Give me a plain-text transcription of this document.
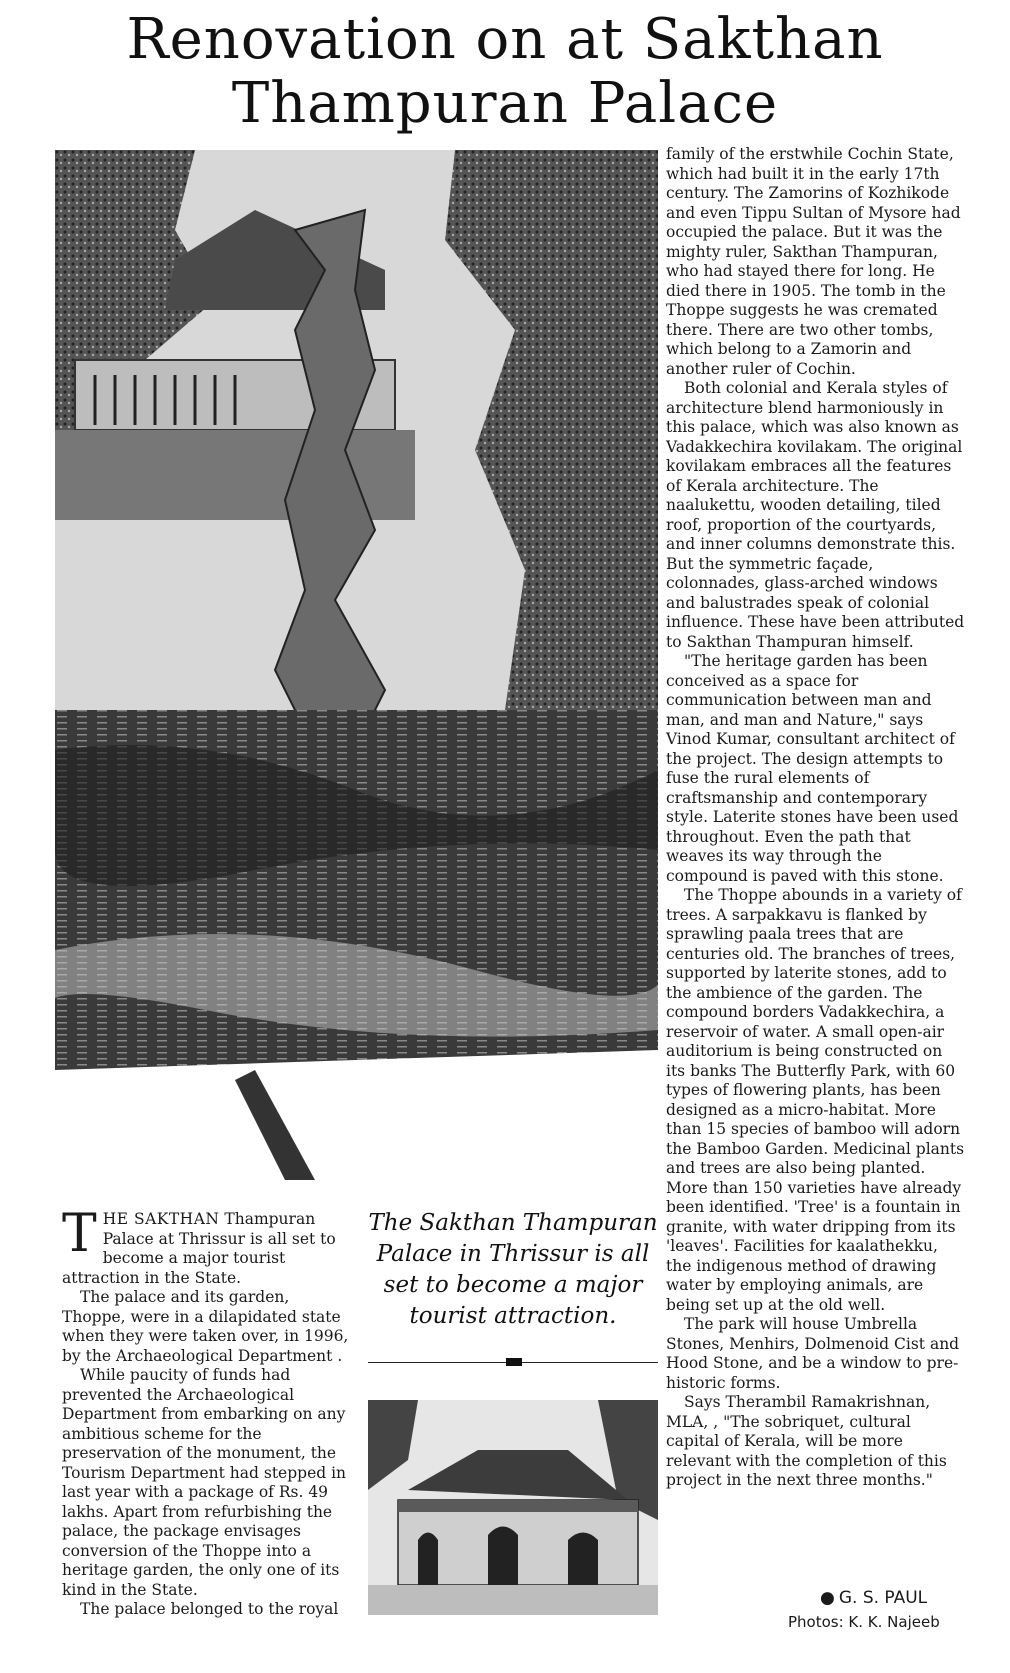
Renovation on at Sakthan
Thampuran Palace

family of the erstwhile Cochin State, which had built it in the early 17th century. The Zamorins of Kozhikode and even Tippu Sultan of Mysore had occupied the palace. But it was the mighty ruler, Sakthan Thampuran, who had stayed there for long. He died there in 1905. The tomb in the Thoppe suggests he was cremated there. There are two other tombs, which belong to a Zamorin and another ruler of Cochin.

Both colonial and Kerala styles of architecture blend harmoniously in this palace, which was also known as Vadakkechira kovilakam. The original kovilakam embraces all the features of Kerala architecture. The naalukettu, wooden detailing, tiled roof, proportion of the courtyards, and inner columns demonstrate this. But the symmetric façade, colonnades, glass-arched windows and balustrades speak of colonial influence. These have been attributed to Sakthan Thampuran himself.

"The heritage garden has been conceived as a space for communication between man and man, and man and Nature," says Vinod Kumar, consultant architect of the project. The design attempts to fuse the rural elements of craftsmanship and contemporary style. Laterite stones have been used throughout. Even the path that weaves its way through the compound is paved with this stone.

The Thoppe abounds in a variety of trees. A sarpakkavu is flanked by sprawling paala trees that are centuries old. The branches of trees, supported by laterite stones, add to the ambience of the garden. The compound borders Vadakkechira, a reservoir of water. A small open-air auditorium is being constructed on its banks The Butterfly Park, with 60 types of flowering plants, has been designed as a micro-habitat. More than 15 species of bamboo will adorn the Bamboo Garden. Medicinal plants and trees are also being planted. More than 150 varieties have already been identified. 'Tree' is a fountain in granite, with water dripping from its 'leaves'. Facilities for kaalathekku, the indigenous method of drawing water by employing animals, are being set up at the old well.

The park will house Umbrella Stones, Menhirs, Dolmenoid Cist and Hood Stone, and be a window to pre-historic forms.

Says Therambil Ramakrishnan, MLA, , "The sobriquet, cultural capital of Kerala, will be more relevant with the completion of this project in the next three months."

THE SAKTHAN Thampuran Palace at Thrissur is all set to become a major tourist attraction in the State.

The palace and its garden, Thoppe, were in a dilapidated state when they were taken over, in 1996, by the Archaeological Department .

While paucity of funds had prevented the Archaeological Department from embarking on any ambitious scheme for the preservation of the monument, the Tourism Department had stepped in last year with a package of Rs. 49 lakhs. Apart from refurbishing the palace, the package envisages conversion of the Thoppe into a heritage garden, the only one of its kind in the State.

The palace belonged to the royal

The Sakthan Thampuran Palace in Thrissur is all set to become a major tourist attraction.
● G. S. PAUL
Photos: K. K. Najeeb
